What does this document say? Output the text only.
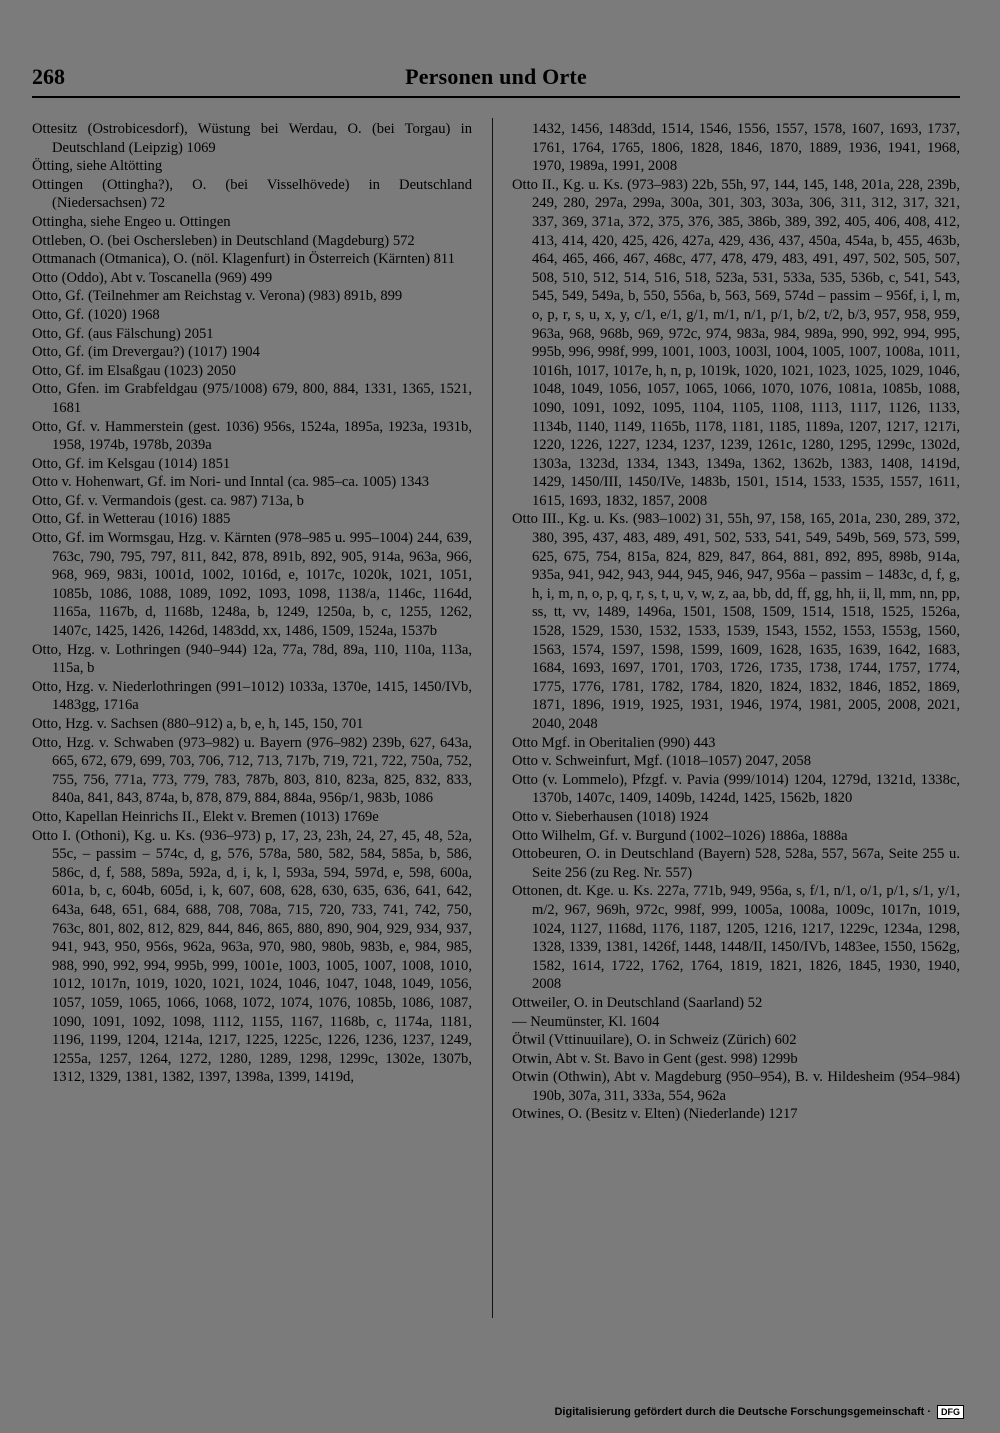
268	Personen und Orte

Ottesitz (Ostrobicesdorf), Wüstung bei Werdau, O. (bei Torgau) in Deutschland (Leipzig) 1069

Ötting, siehe Altötting

Ottingen (Ottingha?), O. (bei Visselhövede) in Deutschland (Niedersachsen) 72

Ottingha, siehe Engeo u. Ottingen

Ottleben, O. (bei Oschersleben) in Deutschland (Magdeburg) 572

Ottmanach (Otmanica), O. (nöl. Klagenfurt) in Österreich (Kärnten) 811

Otto (Oddo), Abt v. Toscanella (969) 499

Otto, Gf. (Teilnehmer am Reichstag v. Verona) (983) 891b, 899

Otto, Gf. (1020) 1968

Otto, Gf. (aus Fälschung) 2051

Otto, Gf. (im Drevergau?) (1017) 1904

Otto, Gf. im Elsaßgau (1023) 2050

Otto, Gfen. im Grabfeldgau (975/1008) 679, 800, 884, 1331, 1365, 1521, 1681

Otto, Gf. v. Hammerstein (gest. 1036) 956s, 1524a, 1895a, 1923a, 1931b, 1958, 1974b, 1978b, 2039a

Otto, Gf. im Kelsgau (1014) 1851

Otto v. Hohenwart, Gf. im Nori- und Inntal (ca. 985–ca. 1005) 1343

Otto, Gf. v. Vermandois (gest. ca. 987) 713a, b

Otto, Gf. in Wetterau (1016) 1885

Otto, Gf. im Wormsgau, Hzg. v. Kärnten (978–985 u. 995–1004) 244, 639, 763c, 790, 795, 797, 811, 842, 878, 891b, 892, 905, 914a, 963a, 966, 968, 969, 983i, 1001d, 1002, 1016d, e, 1017c, 1020k, 1021, 1051, 1085b, 1086, 1088, 1089, 1092, 1093, 1098, 1138/a, 1146c, 1164d, 1165a, 1167b, d, 1168b, 1248a, b, 1249, 1250a, b, c, 1255, 1262, 1407c, 1425, 1426, 1426d, 1483dd, xx, 1486, 1509, 1524a, 1537b

Otto, Hzg. v. Lothringen (940–944) 12a, 77a, 78d, 89a, 110, 110a, 113a, 115a, b

Otto, Hzg. v. Niederlothringen (991–1012) 1033a, 1370e, 1415, 1450/IVb, 1483gg, 1716a

Otto, Hzg. v. Sachsen (880–912) a, b, e, h, 145, 150, 701

Otto, Hzg. v. Schwaben (973–982) u. Bayern (976–982) 239b, 627, 643a, 665, 672, 679, 699, 703, 706, 712, 713, 717b, 719, 721, 722, 750a, 752, 755, 756, 771a, 773, 779, 783, 787b, 803, 810, 823a, 825, 832, 833, 840a, 841, 843, 874a, b, 878, 879, 884, 884a, 956p/1, 983b, 1086

Otto, Kapellan Heinrichs II., Elekt v. Bremen (1013) 1769e

Otto I. (Othoni), Kg. u. Ks. (936–973) p, 17, 23, 23h, 24, 27, 45, 48, 52a, 55c, – passim – 574c, d, g, 576, 578a, 580, 582, 584, 585a, b, 586, 586c, d, f, 588, 589a, 592a, d, i, k, l, 593a, 594, 597d, e, 598, 600a, 601a, b, c, 604b, 605d, i, k, 607, 608, 628, 630, 635, 636, 641, 642, 643a, 648, 651, 684, 688, 708, 708a, 715, 720, 733, 741, 742, 750, 763c, 801, 802, 812, 829, 844, 846, 865, 880, 890, 904, 929, 934, 937, 941, 943, 950, 956s, 962a, 963a, 970, 980, 980b, 983b, e, 984, 985, 988, 990, 992, 994, 995b, 999, 1001e, 1003, 1005, 1007, 1008, 1010, 1012, 1017n, 1019, 1020, 1021, 1024, 1046, 1047, 1048, 1049, 1056, 1057, 1059, 1065, 1066, 1068, 1072, 1074, 1076, 1085b, 1086, 1087, 1090, 1091, 1092, 1098, 1112, 1155, 1167, 1168b, c, 1174a, 1181, 1196, 1199, 1204, 1214a, 1217, 1225, 1225c, 1226, 1236, 1237, 1249, 1255a, 1257, 1264, 1272, 1280, 1289, 1298, 1299c, 1302e, 1307b, 1312, 1329, 1381, 1382, 1397, 1398a, 1399, 1419d,

1432, 1456, 1483dd, 1514, 1546, 1556, 1557, 1578, 1607, 1693, 1737, 1761, 1764, 1765, 1806, 1828, 1846, 1870, 1889, 1936, 1941, 1968, 1970, 1989a, 1991, 2008

Otto II., Kg. u. Ks. (973–983) 22b, 55h, 97, 144, 145, 148, 201a, 228, 239b, 249, 280, 297a, 299a, 300a, 301, 303, 303a, 306, 311, 312, 317, 321, 337, 369, 371a, 372, 375, 376, 385, 386b, 389, 392, 405, 406, 408, 412, 413, 414, 420, 425, 426, 427a, 429, 436, 437, 450a, 454a, b, 455, 463b, 464, 465, 466, 467, 468c, 477, 478, 479, 483, 491, 497, 502, 505, 507, 508, 510, 512, 514, 516, 518, 523a, 531, 533a, 535, 536b, c, 541, 543, 545, 549, 549a, b, 550, 556a, b, 563, 569, 574d – passim – 956f, i, l, m, o, p, r, s, u, x, y, c/1, e/1, g/1, m/1, n/1, p/1, b/2, t/2, b/3, 957, 958, 959, 963a, 968, 968b, 969, 972c, 974, 983a, 984, 989a, 990, 992, 994, 995, 995b, 996, 998f, 999, 1001, 1003, 1003l, 1004, 1005, 1007, 1008a, 1011, 1016h, 1017, 1017e, h, n, p, 1019k, 1020, 1021, 1023, 1025, 1029, 1046, 1048, 1049, 1056, 1057, 1065, 1066, 1070, 1076, 1081a, 1085b, 1088, 1090, 1091, 1092, 1095, 1104, 1105, 1108, 1113, 1117, 1126, 1133, 1134b, 1140, 1149, 1165b, 1178, 1181, 1185, 1189a, 1207, 1217, 1217i, 1220, 1226, 1227, 1234, 1237, 1239, 1261c, 1280, 1295, 1299c, 1302d, 1303a, 1323d, 1334, 1343, 1349a, 1362, 1362b, 1383, 1408, 1419d, 1429, 1450/III, 1450/IVe, 1483b, 1501, 1514, 1533, 1535, 1557, 1611, 1615, 1693, 1832, 1857, 2008

Otto III., Kg. u. Ks. (983–1002) 31, 55h, 97, 158, 165, 201a, 230, 289, 372, 380, 395, 437, 483, 489, 491, 502, 533, 541, 549, 549b, 569, 573, 599, 625, 675, 754, 815a, 824, 829, 847, 864, 881, 892, 895, 898b, 914a, 935a, 941, 942, 943, 944, 945, 946, 947, 956a – passim – 1483c, d, f, g, h, i, m, n, o, p, q, r, s, t, u, v, w, z, aa, bb, dd, ff, gg, hh, ii, ll, mm, nn, pp, ss, tt, vv, 1489, 1496a, 1501, 1508, 1509, 1514, 1518, 1525, 1526a, 1528, 1529, 1530, 1532, 1533, 1539, 1543, 1552, 1553, 1553g, 1560, 1563, 1574, 1597, 1598, 1599, 1609, 1628, 1635, 1639, 1642, 1683, 1684, 1693, 1697, 1701, 1703, 1726, 1735, 1738, 1744, 1757, 1774, 1775, 1776, 1781, 1782, 1784, 1820, 1824, 1832, 1846, 1852, 1869, 1871, 1896, 1919, 1925, 1931, 1946, 1974, 1981, 2005, 2008, 2021, 2040, 2048

Otto Mgf. in Oberitalien (990) 443

Otto v. Schweinfurt, Mgf. (1018–1057) 2047, 2058

Otto (v. Lommelo), Pfzgf. v. Pavia (999/1014) 1204, 1279d, 1321d, 1338c, 1370b, 1407c, 1409, 1409b, 1424d, 1425, 1562b, 1820

Otto v. Sieberhausen (1018) 1924

Otto Wilhelm, Gf. v. Burgund (1002–1026) 1886a, 1888a

Ottobeuren, O. in Deutschland (Bayern) 528, 528a, 557, 567a, Seite 255 u. Seite 256 (zu Reg. Nr. 557)

Ottonen, dt. Kge. u. Ks. 227a, 771b, 949, 956a, s, f/1, n/1, o/1, p/1, s/1, y/1, m/2, 967, 969h, 972c, 998f, 999, 1005a, 1008a, 1009c, 1017n, 1019, 1024, 1127, 1168d, 1176, 1187, 1205, 1216, 1217, 1229c, 1234a, 1298, 1328, 1339, 1381, 1426f, 1448, 1448/II, 1450/IVb, 1483ee, 1550, 1562g, 1582, 1614, 1722, 1762, 1764, 1819, 1821, 1826, 1845, 1930, 1940, 2008

Ottweiler, O. in Deutschland (Saarland) 52

— Neumünster, Kl. 1604

Ötwil (Vttinuuilare), O. in Schweiz (Zürich) 602

Otwin, Abt v. St. Bavo in Gent (gest. 998) 1299b

Otwin (Othwin), Abt v. Magdeburg (950–954), B. v. Hildesheim (954–984) 190b, 307a, 311, 333a, 554, 962a

Otwines, O. (Besitz v. Elten) (Niederlande) 1217

Digitalisierung gefördert durch die Deutsche Forschungsgemeinschaft ·	DFG
